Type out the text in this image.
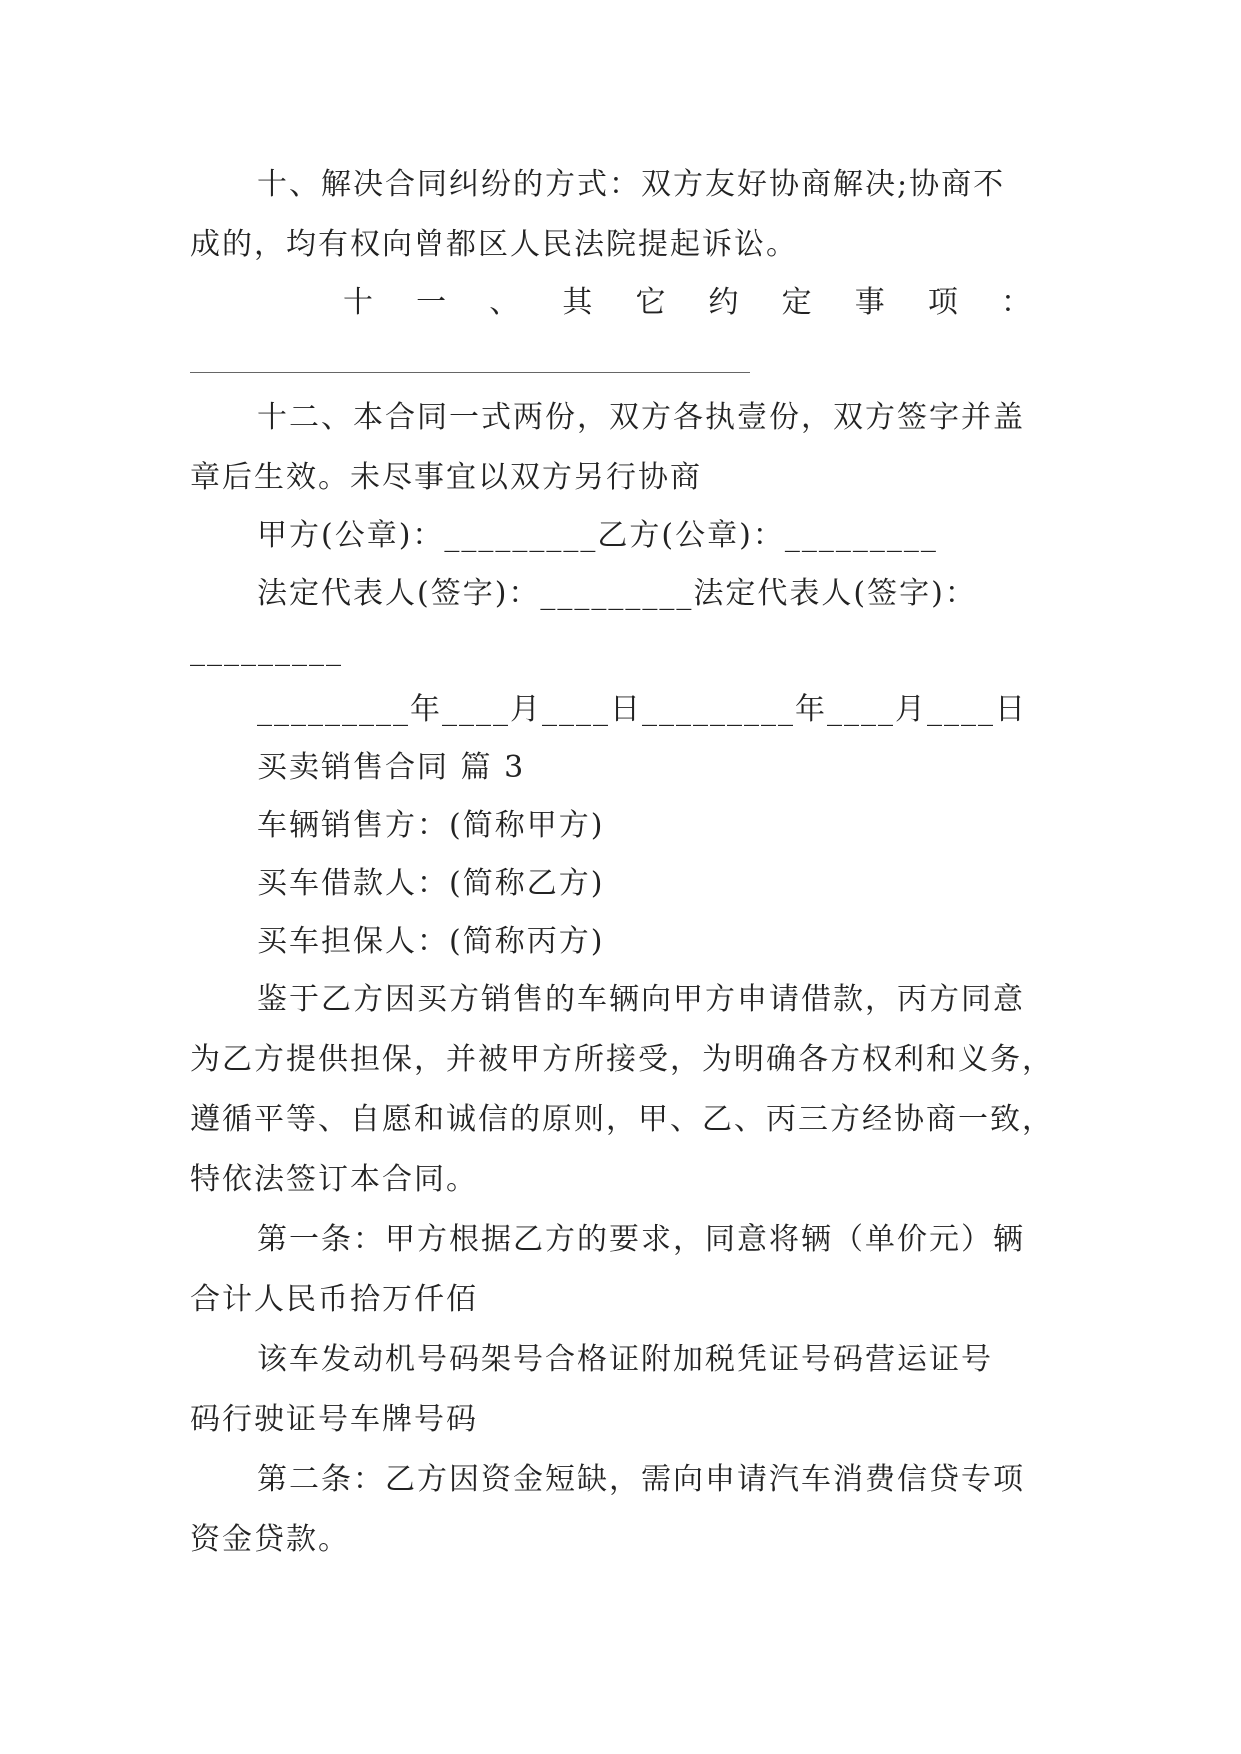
十、解决合同纠纷的方式：双方友好协商解决;协商不
成的，均有权向曾都区人民法院提起诉讼。
十 一 、 其 它 约 定 事 项 ：
十二、本合同一式两份，双方各执壹份，双方签字并盖
章后生效。未尽事宜以双方另行协商
甲方(公章)：_________乙方(公章)：_________
法定代表人(签字)：_________法定代表人(签字)：
_________
_________年____月____日_________年____月____日
买卖销售合同 篇 3
车辆销售方：(简称甲方)
买车借款人：(简称乙方)
买车担保人：(简称丙方)
鉴于乙方因买方销售的车辆向甲方申请借款，丙方同意
为乙方提供担保，并被甲方所接受，为明确各方权利和义务，
遵循平等、自愿和诚信的原则，甲、乙、丙三方经协商一致，
特依法签订本合同。
第一条：甲方根据乙方的要求，同意将辆（单价元）辆
合计人民币拾万仟佰
该车发动机号码架号合格证附加税凭证号码营运证号
码行驶证号车牌号码
第二条：乙方因资金短缺，需向申请汽车消费信贷专项
资金贷款。
